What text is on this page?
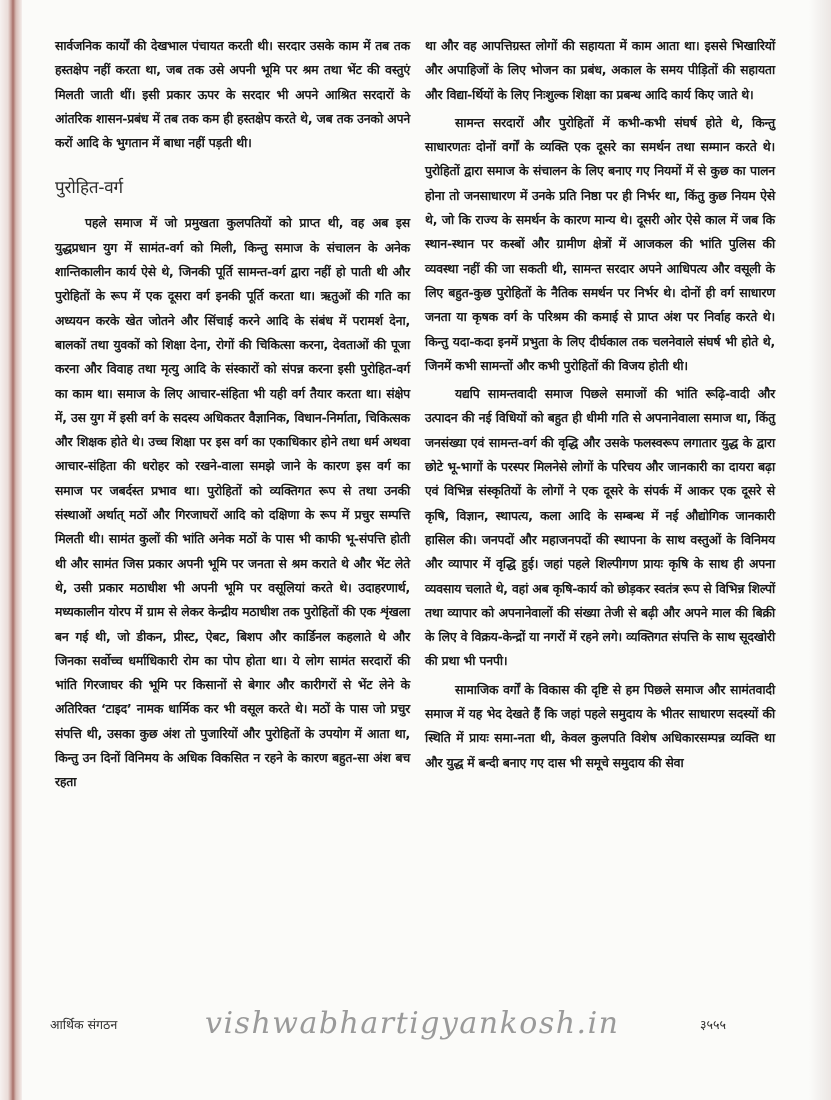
सार्वजनिक कार्यों की देखभाल पंचायत करती थी। सरदार उसके काम में तब तक हस्तक्षेप नहीं करता था, जब तक उसे अपनी भूमि पर श्रम तथा भेंट की वस्तुएं मिलती जाती थीं। इसी प्रकार ऊपर के सरदार भी अपने आश्रित सरदारों के आंतरिक शासन-प्रबंध में तब तक कम ही हस्तक्षेप करते थे, जब तक उनको अपने करों आदि के भुगतान में बाधा नहीं पड़ती थी।

पुरोहित-वर्ग

पहले समाज में जो प्रमुखता कुलपतियों को प्राप्त थी, वह अब इस युद्धप्रधान युग में सामंत-वर्ग को मिली, किन्तु समाज के संचालन के अनेक शान्तिकालीन कार्य ऐसे थे, जिनकी पूर्ति सामन्त-वर्ग द्वारा नहीं हो पाती थी और पुरोहितों के रूप में एक दूसरा वर्ग इनकी पूर्ति करता था। ऋतुओं की गति का अध्ययन करके खेत जोतने और सिंचाई करने आदि के संबंध में परामर्श देना, बालकों तथा युवकों को शिक्षा देना, रोगों की चिकित्सा करना, देवताओं की पूजा करना और विवाह तथा मृत्यु आदि के संस्कारों को संपन्न करना इसी पुरोहित-वर्ग का काम था। समाज के लिए आचार-संहिता भी यही वर्ग तैयार करता था। संक्षेप में, उस युग में इसी वर्ग के सदस्य अधिकतर वैज्ञानिक, विधान-निर्माता, चिकित्सक और शिक्षक होते थे। उच्च शिक्षा पर इस वर्ग का एकाधिकार होने तथा धर्म अथवा आचार-संहिता की धरोहर को रखने-वाला समझे जाने के कारण इस वर्ग का समाज पर जबर्दस्त प्रभाव था। पुरोहितों को व्यक्तिगत रूप से तथा उनकी संस्थाओं अर्थात् मठों और गिरजाघरों आदि को दक्षिणा के रूप में प्रचुर सम्पत्ति मिलती थी। सामंत कुलों की भांति अनेक मठों के पास भी काफी भू-संपत्ति होती थी और सामंत जिस प्रकार अपनी भूमि पर जनता से श्रम कराते थे और भेंट लेते थे, उसी प्रकार मठाधीश भी अपनी भूमि पर वसूलियां करते थे। उदाहरणार्थ, मध्यकालीन योरप में ग्राम से लेकर केन्द्रीय मठाधीश तक पुरोहितों की एक शृंखला बन गई थी, जो डीकन, प्रीस्ट, ऐबट, बिशप और कार्डिनल कहलाते थे और जिनका सर्वोच्च धर्माधिकारी रोम का पोप होता था। ये लोग सामंत सरदारों की भांति गिरजाघर की भूमि पर किसानों से बेगार और कारीगरों से भेंट लेने के अतिरिक्त ‘टाइद’ नामक धार्मिक कर भी वसूल करते थे। मठों के पास जो प्रचुर संपत्ति थी, उसका कुछ अंश तो पुजारियों और पुरोहितों के उपयोग में आता था, किन्तु उन दिनों विनिमय के अधिक विकसित न रहने के कारण बहुत-सा अंश बच रहता

था और वह आपत्तिग्रस्त लोगों की सहायता में काम आता था। इससे भिखारियों और अपाहिजों के लिए भोजन का प्रबंध, अकाल के समय पीड़ितों की सहायता और विद्या-र्थियों के लिए निःशुल्क शिक्षा का प्रबन्ध आदि कार्य किए जाते थे।

सामन्त सरदारों और पुरोहितों में कभी-कभी संघर्ष होते थे, किन्तु साधारणतः दोनों वर्गों के व्यक्ति एक दूसरे का समर्थन तथा सम्मान करते थे। पुरोहितों द्वारा समाज के संचालन के लिए बनाए गए नियमों में से कुछ का पालन होना तो जनसाधारण में उनके प्रति निष्ठा पर ही निर्भर था, किंतु कुछ नियम ऐसे थे, जो कि राज्य के समर्थन के कारण मान्य थे। दूसरी ओर ऐसे काल में जब कि स्थान-स्थान पर कस्बों और ग्रामीण क्षेत्रों में आजकल की भांति पुलिस की व्यवस्था नहीं की जा सकती थी, सामन्त सरदार अपने आधिपत्य और वसूली के लिए बहुत-कुछ पुरोहितों के नैतिक समर्थन पर निर्भर थे। दोनों ही वर्ग साधारण जनता या कृषक वर्ग के परिश्रम की कमाई से प्राप्त अंश पर निर्वाह करते थे। किन्तु यदा-कदा इनमें प्रभुता के लिए दीर्घकाल तक चलनेवाले संघर्ष भी होते थे, जिनमें कभी सामन्तों और कभी पुरोहितों की विजय होती थी।

यद्यपि सामन्तवादी समाज पिछले समाजों की भांति रूढ़ि-वादी और उत्पादन की नई विधियों को बहुत ही धीमी गति से अपनानेवाला समाज था, किंतु जनसंख्या एवं सामन्त-वर्ग की वृद्धि और उसके फलस्वरूप लगातार युद्ध के द्वारा छोटे भू-भागों के परस्पर मिलनेसे लोगों के परिचय और जानकारी का दायरा बढ़ा एवं विभिन्न संस्कृतियों के लोगों ने एक दूसरे के संपर्क में आकर एक दूसरे से कृषि, विज्ञान, स्थापत्य, कला आदि के सम्बन्ध में नई औद्योगिक जानकारी हासिल की। जनपदों और महाजनपदों की स्थापना के साथ वस्तुओं के विनिमय और व्यापार में वृद्धि हुई। जहां पहले शिल्पीगण प्रायः कृषि के साथ ही अपना व्यवसाय चलाते थे, वहां अब कृषि-कार्य को छोड़कर स्वतंत्र रूप से विभिन्न शिल्पों तथा व्यापार को अपनानेवालों की संख्या तेजी से बढ़ी और अपने माल की बिक्री के लिए वे विक्रय-केन्द्रों या नगरों में रहने लगे। व्यक्तिगत संपत्ति के साथ सूदखोरी की प्रथा भी पनपी।

सामाजिक वर्गों के विकास की दृष्टि से हम पिछले समाज और सामंतवादी समाज में यह भेद देखते हैं कि जहां पहले समुदाय के भीतर साधारण सदस्यों की स्थिति में प्रायः समा-नता थी, केवल कुलपति विशेष अधिकारसम्पन्न व्यक्ति था और युद्ध में बन्दी बनाए गए दास भी समूचे समुदाय की सेवा

आर्थिक संगठन	vishwabhartigyankosh.in	३५५५
